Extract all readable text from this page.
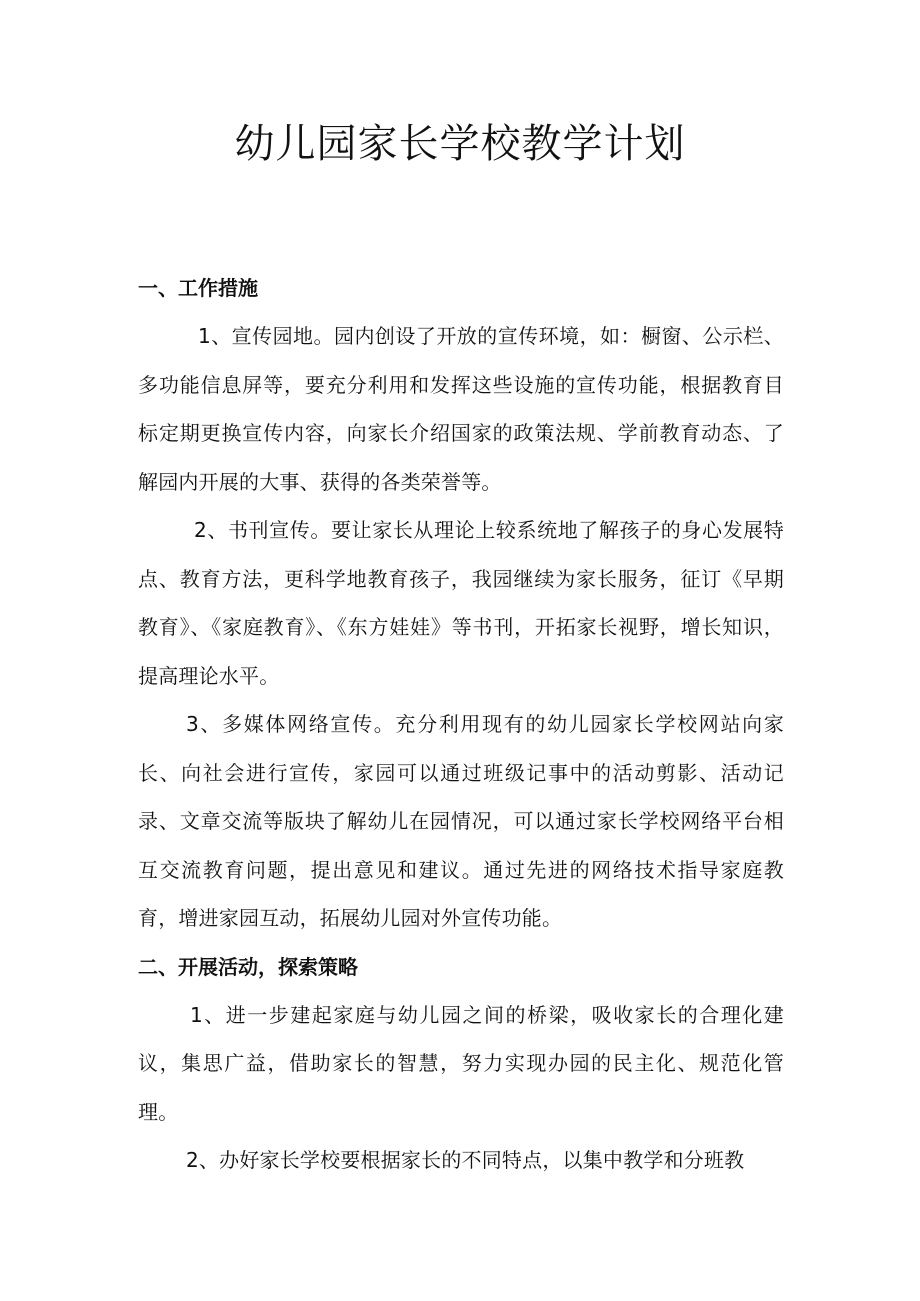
幼儿园家长学校教学计划

一、工作措施

1、宣传园地。园内创设了开放的宣传环境，如：橱窗、公示栏、多功能信息屏等，要充分利用和发挥这些设施的宣传功能，根据教育目标定期更换宣传内容，向家长介绍国家的政策法规、学前教育动态、了解园内开展的大事、获得的各类荣誉等。

2、书刊宣传。要让家长从理论上较系统地了解孩子的身心发展特点、教育方法，更科学地教育孩子，我园继续为家长服务，征订《早期教育》、《家庭教育》、《东方娃娃》等书刊，开拓家长视野，增长知识，提高理论水平。

3、多媒体网络宣传。充分利用现有的幼儿园家长学校网站向家长、向社会进行宣传，家园可以通过班级记事中的活动剪影、活动记录、文章交流等版块了解幼儿在园情况，可以通过家长学校网络平台相互交流教育问题，提出意见和建议。通过先进的网络技术指导家庭教育，增进家园互动，拓展幼儿园对外宣传功能。

二、开展活动，探索策略

1、进一步建起家庭与幼儿园之间的桥梁，吸收家长的合理化建议，集思广益，借助家长的智慧，努力实现办园的民主化、规范化管理。

2、办好家长学校要根据家长的不同特点，以集中教学和分班教
